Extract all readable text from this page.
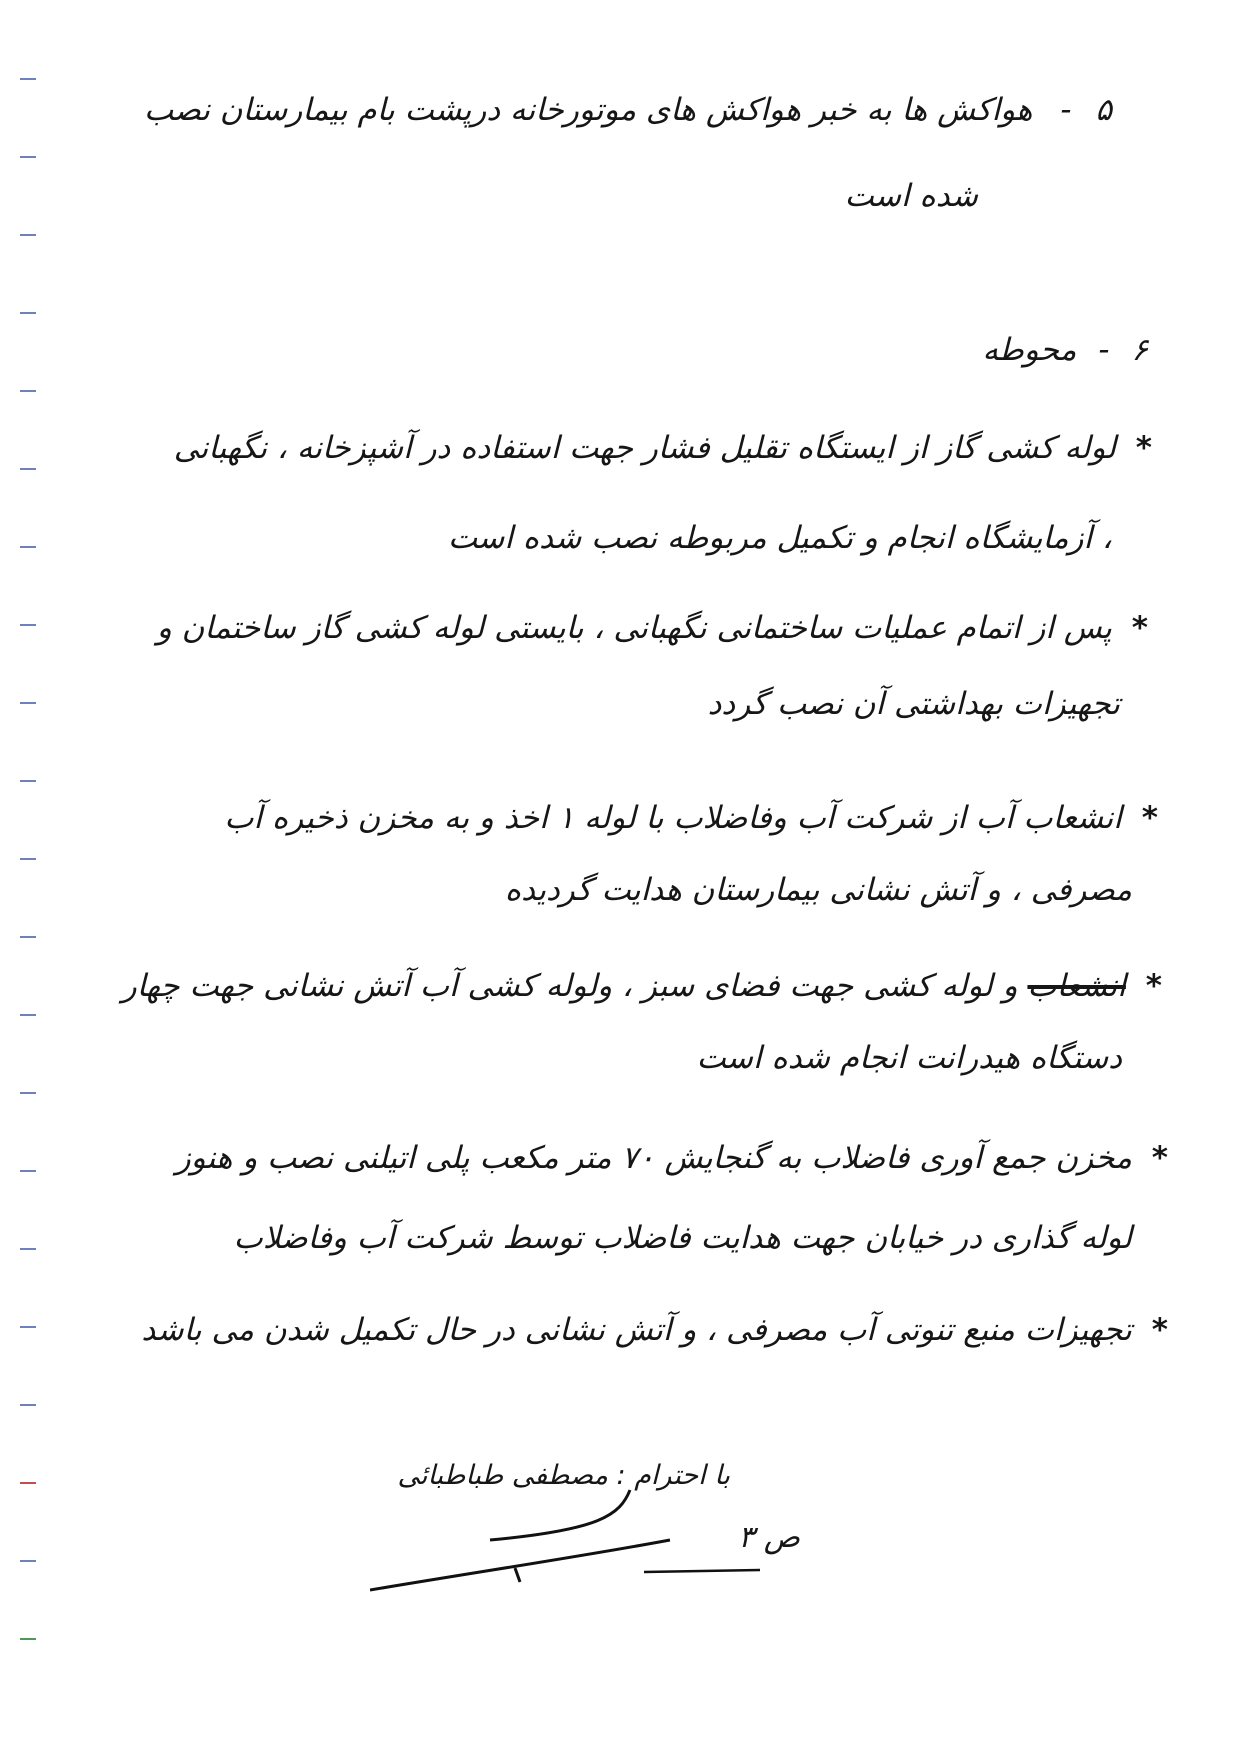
۵ - هواکش ها به خبر هواکش های موتورخانه درپشت بام بیمارستان نصب
شده است
۶ - محوطه
* لوله کشی گاز از ایستگاه تقلیل فشار جهت استفاده در آشپزخانه ، نگهبانی
، آزمایشگاه انجام و تکمیل مربوطه نصب شده است
* پس از اتمام عملیات ساختمانی نگهبانی ، بایستی لوله کشی گاز ساختمان و
تجهیزات بهداشتی آن نصب گردد
* انشعاب آب از شرکت آب وفاضلاب با لوله ۱ اخذ و به مخزن ذخیره آب
مصرفی ، و آتش نشانی بیمارستان هدایت گردیده
* انشعاب و لوله کشی جهت فضای سبز ، ولوله کشی آب آتش نشانی جهت چهار
دستگاه هیدرانت انجام شده است
* مخزن جمع آوری فاضلاب به گنجایش ۷۰ متر مکعب پلی اتیلنی نصب و هنوز
لوله گذاری در خیابان جهت هدایت فاضلاب توسط شرکت آب وفاضلاب
* تجهیزات منبع تنوتی آب مصرفی ، و آتش نشانی در حال تکمیل شدن می باشد
با احترام : مصطفی طباطبائی
ص ۳
